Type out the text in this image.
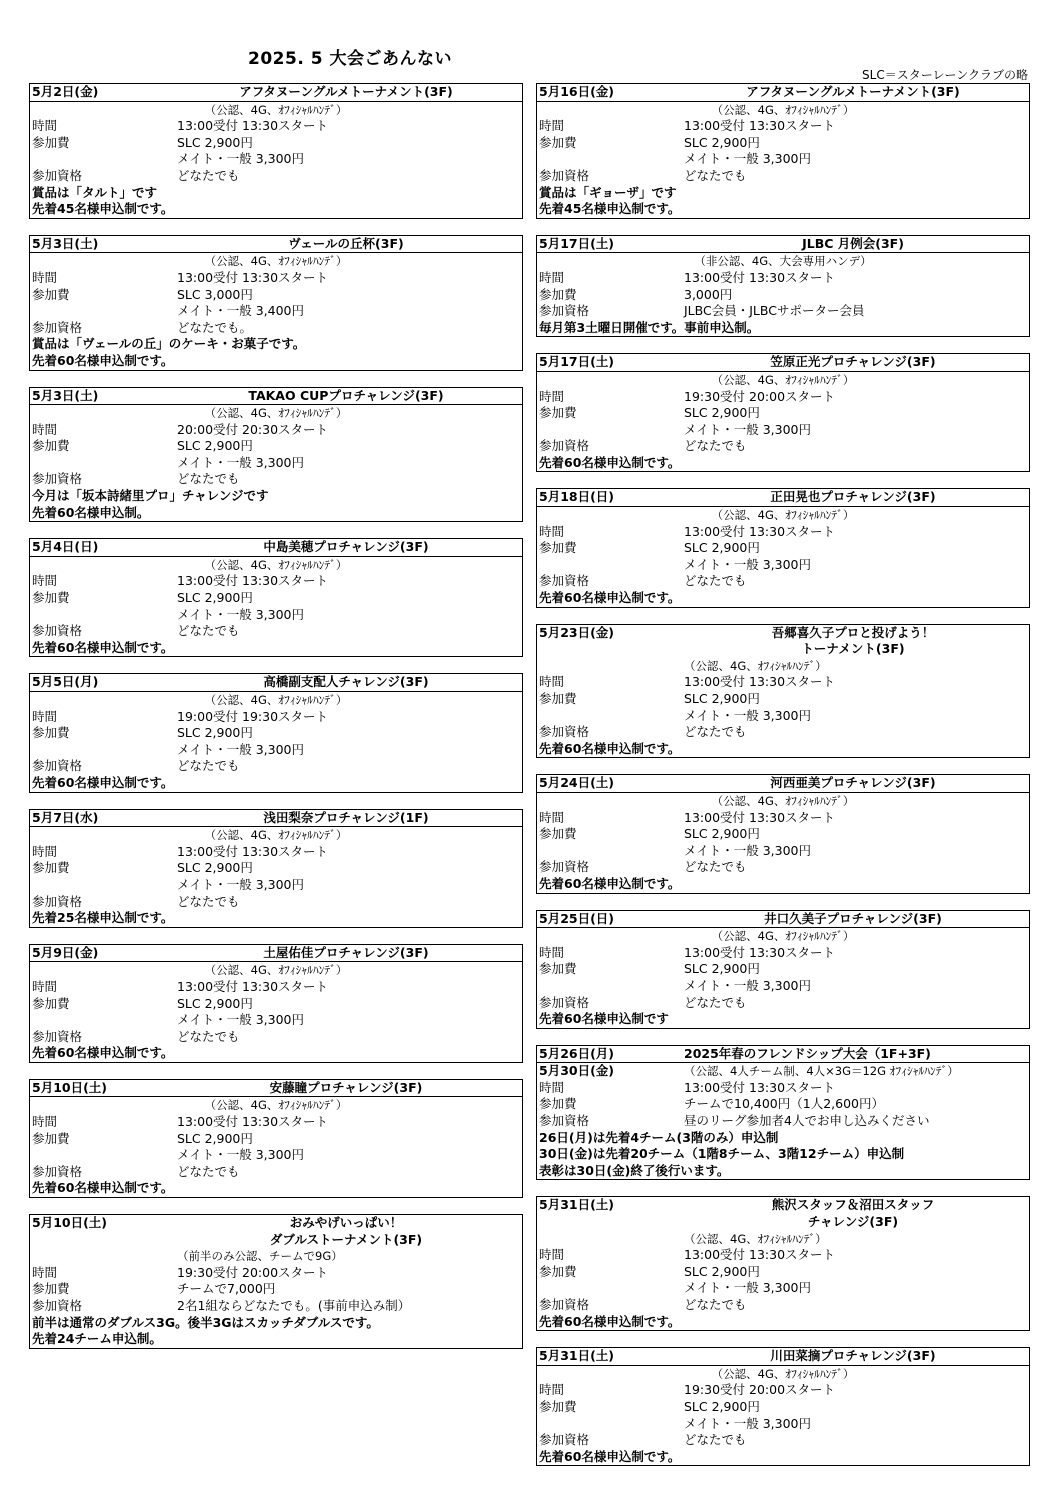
2025. 5 大会ごあんない
SLC＝スターレーンクラブの略
5月2日(金)	アフタヌーングルメトーナメント(3F)
（公認、4G、ｵﾌｨｼｬﾙﾊﾝﾃﾞ）
時間	13:00受付 13:30スタート
参加費	SLC 2,900円
メイト・一般 3,300円
参加資格	どなたでも
賞品は「タルト」です
先着45名様申込制です。
5月3日(土)	ヴェールの丘杯(3F)
（公認、4G、ｵﾌｨｼｬﾙﾊﾝﾃﾞ）
時間	13:00受付 13:30スタート
参加費	SLC 3,000円
メイト・一般 3,400円
参加資格	どなたでも。
賞品は「ヴェールの丘」のケーキ・お菓子です。
先着60名様申込制です。
5月3日(土)	TAKAO CUPプロチャレンジ(3F)
（公認、4G、ｵﾌｨｼｬﾙﾊﾝﾃﾞ）
時間	20:00受付 20:30スタート
参加費	SLC 2,900円
メイト・一般 3,300円
参加資格	どなたでも
今月は「坂本詩緒里プロ」チャレンジです
先着60名様申込制。
5月4日(日)	中島美穂プロチャレンジ(3F)
（公認、4G、ｵﾌｨｼｬﾙﾊﾝﾃﾞ）
時間	13:00受付 13:30スタート
参加費	SLC 2,900円
メイト・一般 3,300円
参加資格	どなたでも
先着60名様申込制です。
5月5日(月)	高橋副支配人チャレンジ(3F)
（公認、4G、ｵﾌｨｼｬﾙﾊﾝﾃﾞ）
時間	19:00受付 19:30スタート
参加費	SLC 2,900円
メイト・一般 3,300円
参加資格	どなたでも
先着60名様申込制です。
5月7日(水)	浅田梨奈プロチャレンジ(1F)
（公認、4G、ｵﾌｨｼｬﾙﾊﾝﾃﾞ）
時間	13:00受付 13:30スタート
参加費	SLC 2,900円
メイト・一般 3,300円
参加資格	どなたでも
先着25名様申込制です。
5月9日(金)	土屋佑佳プロチャレンジ(3F)
（公認、4G、ｵﾌｨｼｬﾙﾊﾝﾃﾞ）
時間	13:00受付 13:30スタート
参加費	SLC 2,900円
メイト・一般 3,300円
参加資格	どなたでも
先着60名様申込制です。
5月10日(土)	安藤瞳プロチャレンジ(3F)
（公認、4G、ｵﾌｨｼｬﾙﾊﾝﾃﾞ）
時間	13:00受付 13:30スタート
参加費	SLC 2,900円
メイト・一般 3,300円
参加資格	どなたでも
先着60名様申込制です。
5月10日(土)	おみやげいっぱい！
ダブルストーナメント(3F)
（前半のみ公認、チームで9G）
時間	19:30受付 20:00スタート
参加費	チームで7,000円
参加資格	2名1組ならどなたでも。(事前申込み制）
前半は通常のダブルス3G。後半3Gはスカッチダブルスです。
先着24チーム申込制。
5月16日(金)	アフタヌーングルメトーナメント(3F)
（公認、4G、ｵﾌｨｼｬﾙﾊﾝﾃﾞ）
時間	13:00受付 13:30スタート
参加費	SLC 2,900円
メイト・一般 3,300円
参加資格	どなたでも
賞品は「ギョーザ」です
先着45名様申込制です。
5月17日(土)	JLBC 月例会(3F)
（非公認、4G、大会専用ハンデ）
時間	13:00受付 13:30スタート
参加費	3,000円
参加資格	JLBC会員・JLBCサポーター会員
毎月第3土曜日開催です。事前申込制。
5月17日(土)	笠原正光プロチャレンジ(3F)
（公認、4G、ｵﾌｨｼｬﾙﾊﾝﾃﾞ）
時間	19:30受付 20:00スタート
参加費	SLC 2,900円
メイト・一般 3,300円
参加資格	どなたでも
先着60名様申込制です。
5月18日(日)	正田晃也プロチャレンジ(3F)
（公認、4G、ｵﾌｨｼｬﾙﾊﾝﾃﾞ）
時間	13:00受付 13:30スタート
参加費	SLC 2,900円
メイト・一般 3,300円
参加資格	どなたでも
先着60名様申込制です。
5月23日(金)	吾郷喜久子プロと投げよう！
トーナメント(3F)
（公認、4G、ｵﾌｨｼｬﾙﾊﾝﾃﾞ）
時間	13:00受付 13:30スタート
参加費	SLC 2,900円
メイト・一般 3,300円
参加資格	どなたでも
先着60名様申込制です。
5月24日(土)	河西亜美プロチャレンジ(3F)
（公認、4G、ｵﾌｨｼｬﾙﾊﾝﾃﾞ）
時間	13:00受付 13:30スタート
参加費	SLC 2,900円
メイト・一般 3,300円
参加資格	どなたでも
先着60名様申込制です。
5月25日(日)	井口久美子プロチャレンジ(3F)
（公認、4G、ｵﾌｨｼｬﾙﾊﾝﾃﾞ）
時間	13:00受付 13:30スタート
参加費	SLC 2,900円
メイト・一般 3,300円
参加資格	どなたでも
先着60名様申込制です
5月26日(月)	2025年春のフレンドシップ大会（1F+3F)
5月30日(金)	（公認、4人チーム制、4人×3G＝12G ｵﾌｨｼｬﾙﾊﾝﾃﾞ）
時間	13:00受付 13:30スタート
参加費	チームで10,400円（1人2,600円）
参加資格	昼のリーグ参加者4人でお申し込みください
26日(月)は先着4チーム(3階のみ）申込制
30日(金)は先着20チーム（1階8チーム、3階12チーム）申込制
表彰は30日(金)終了後行います。
5月31日(土)	熊沢スタッフ＆沼田スタッフ
チャレンジ(3F)
（公認、4G、ｵﾌｨｼｬﾙﾊﾝﾃﾞ）
時間	13:00受付 13:30スタート
参加費	SLC 2,900円
メイト・一般 3,300円
参加資格	どなたでも
先着60名様申込制です。
5月31日(土)	川田菜摘プロチャレンジ(3F)
（公認、4G、ｵﾌｨｼｬﾙﾊﾝﾃﾞ）
時間	19:30受付 20:00スタート
参加費	SLC 2,900円
メイト・一般 3,300円
参加資格	どなたでも
先着60名様申込制です。
